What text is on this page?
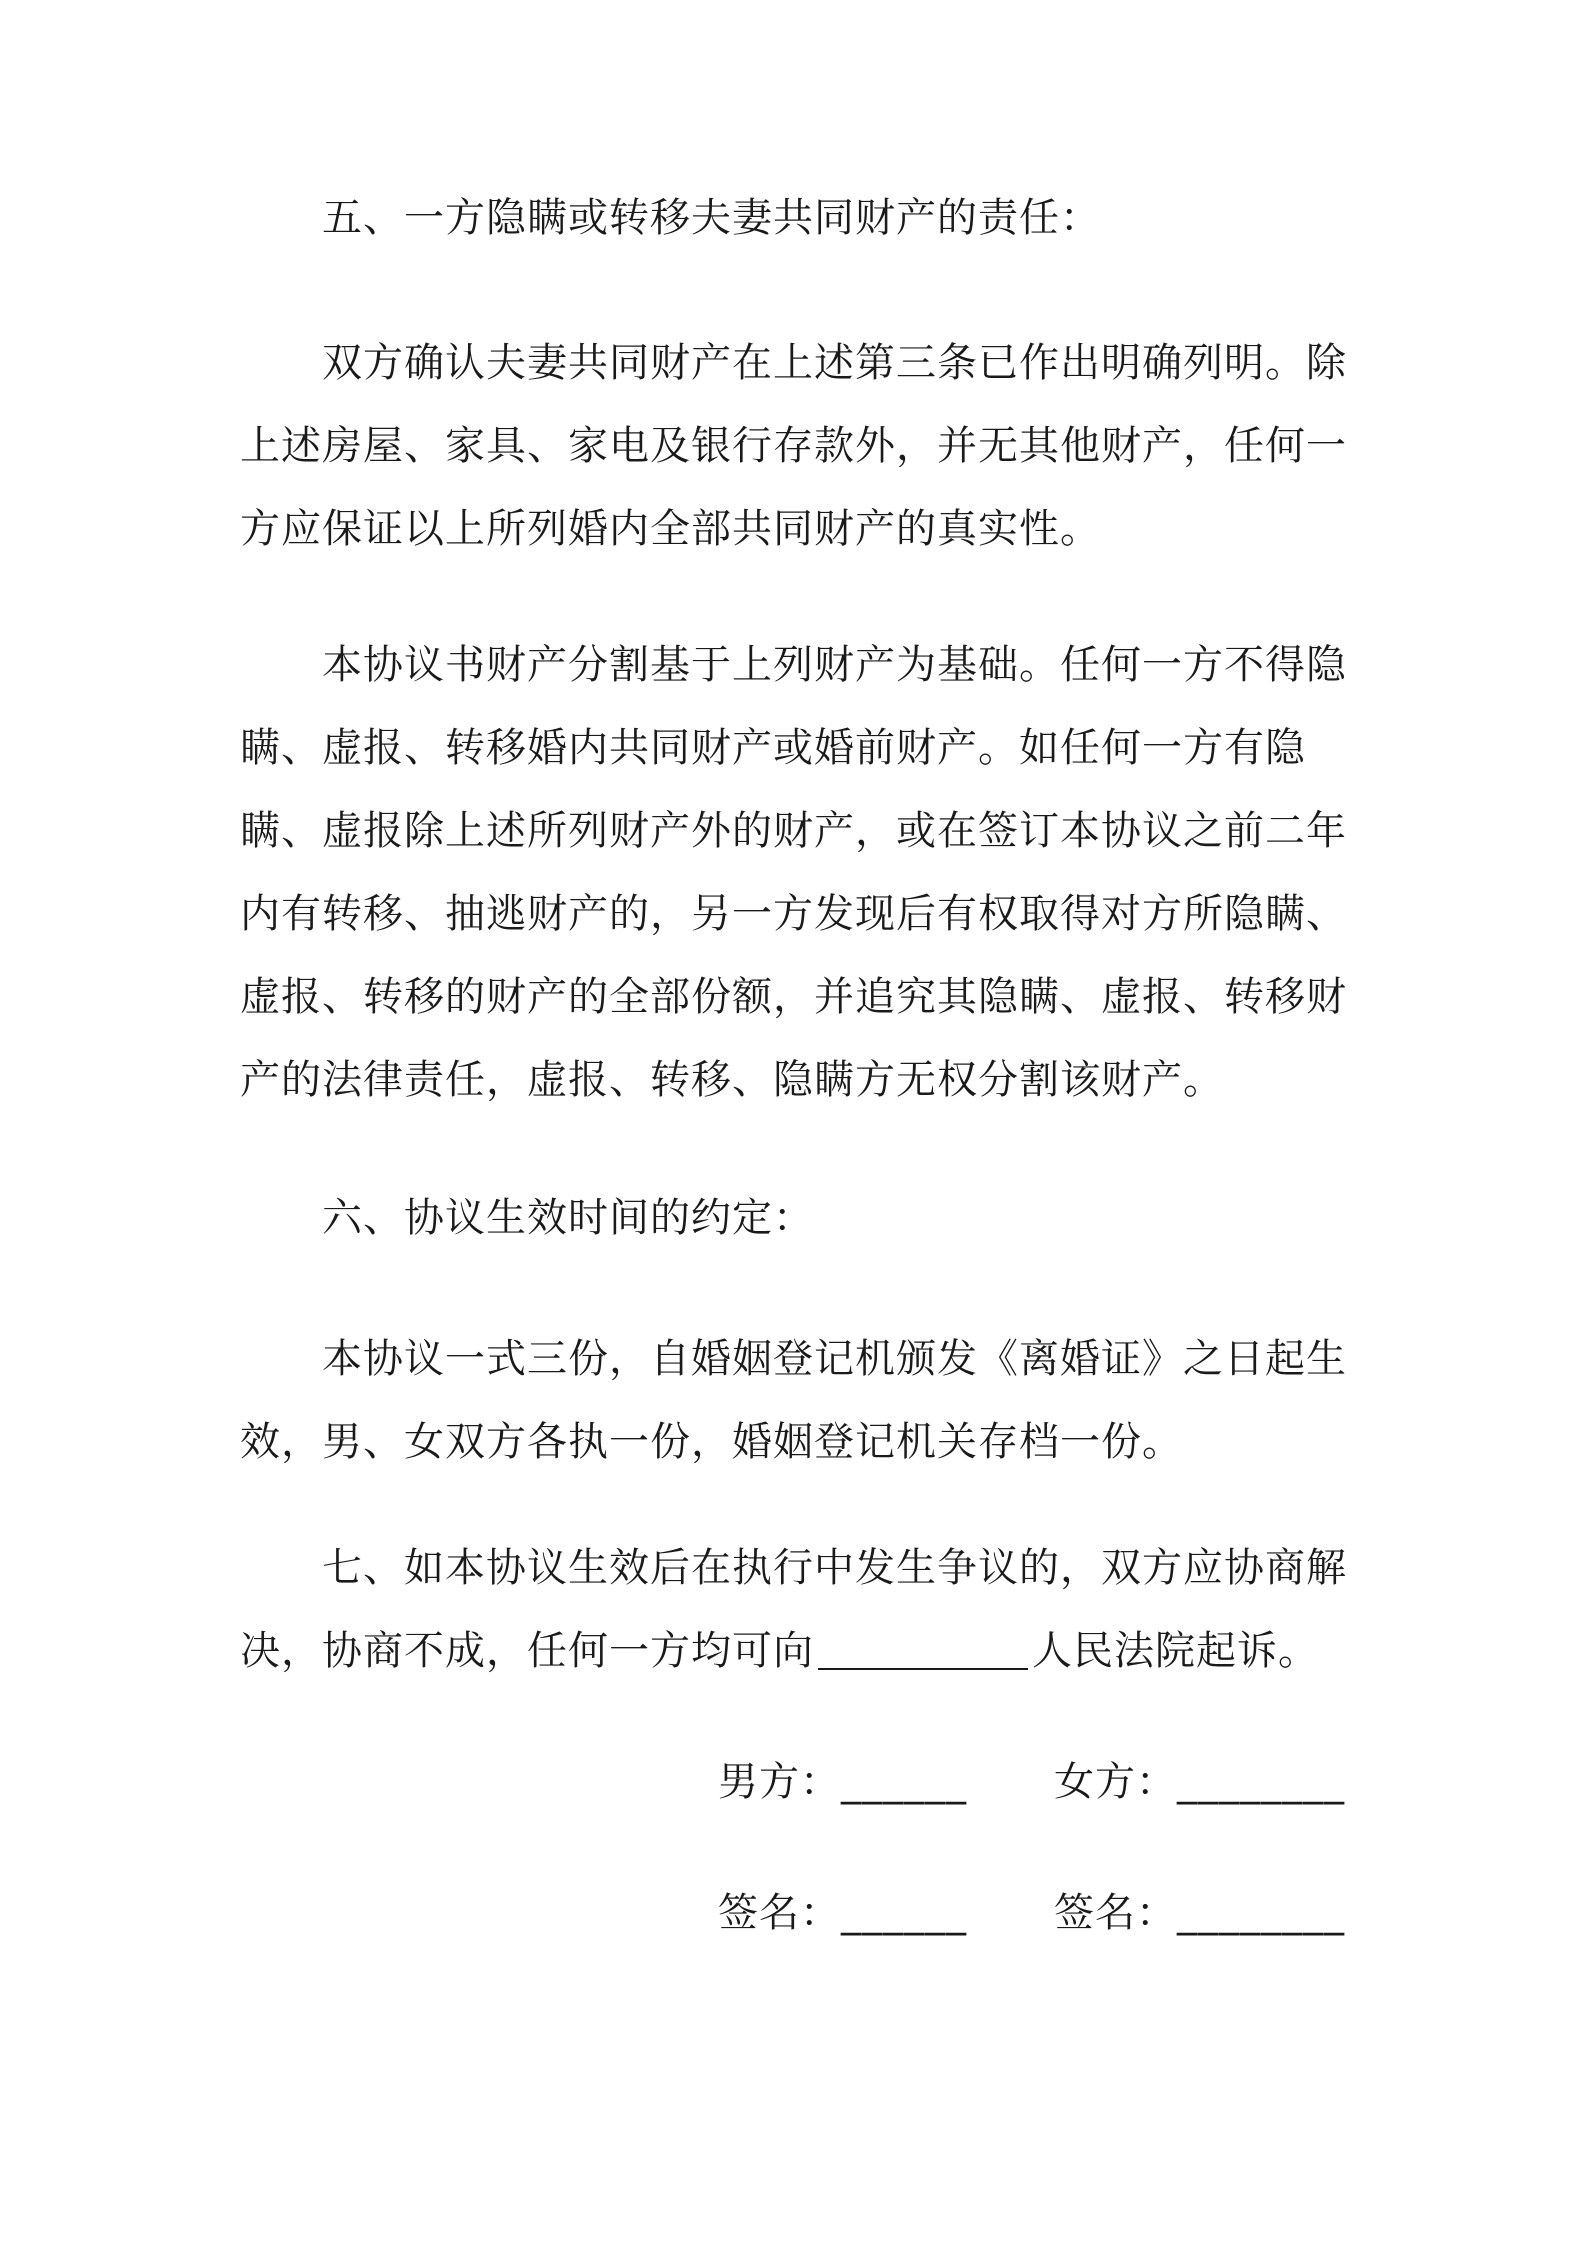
五、一方隐瞒或转移夫妻共同财产的责任：

双方确认夫妻共同财产在上述第三条已作出明确列明。除上述房屋、家具、家电及银行存款外，并无其他财产，任何一方应保证以上所列婚内全部共同财产的真实性。

本协议书财产分割基于上列财产为基础。任何一方不得隐瞒、虚报、转移婚内共同财产或婚前财产。如任何一方有隐瞒、虚报除上述所列财产外的财产，或在签订本协议之前二年内有转移、抽逃财产的，另一方发现后有权取得对方所隐瞒、虚报、转移的财产的全部份额，并追究其隐瞒、虚报、转移财产的法律责任，虚报、转移、隐瞒方无权分割该财产。

六、协议生效时间的约定：

本协议一式三份，自婚姻登记机颁发《离婚证》之日起生效，男、女双方各执一份，婚姻登记机关存档一份。

七、如本协议生效后在执行中发生争议的，双方应协商解决，协商不成，任何一方均可向	人民法院起诉。

男方：______ 女方：________
签名：______ 签名：________
